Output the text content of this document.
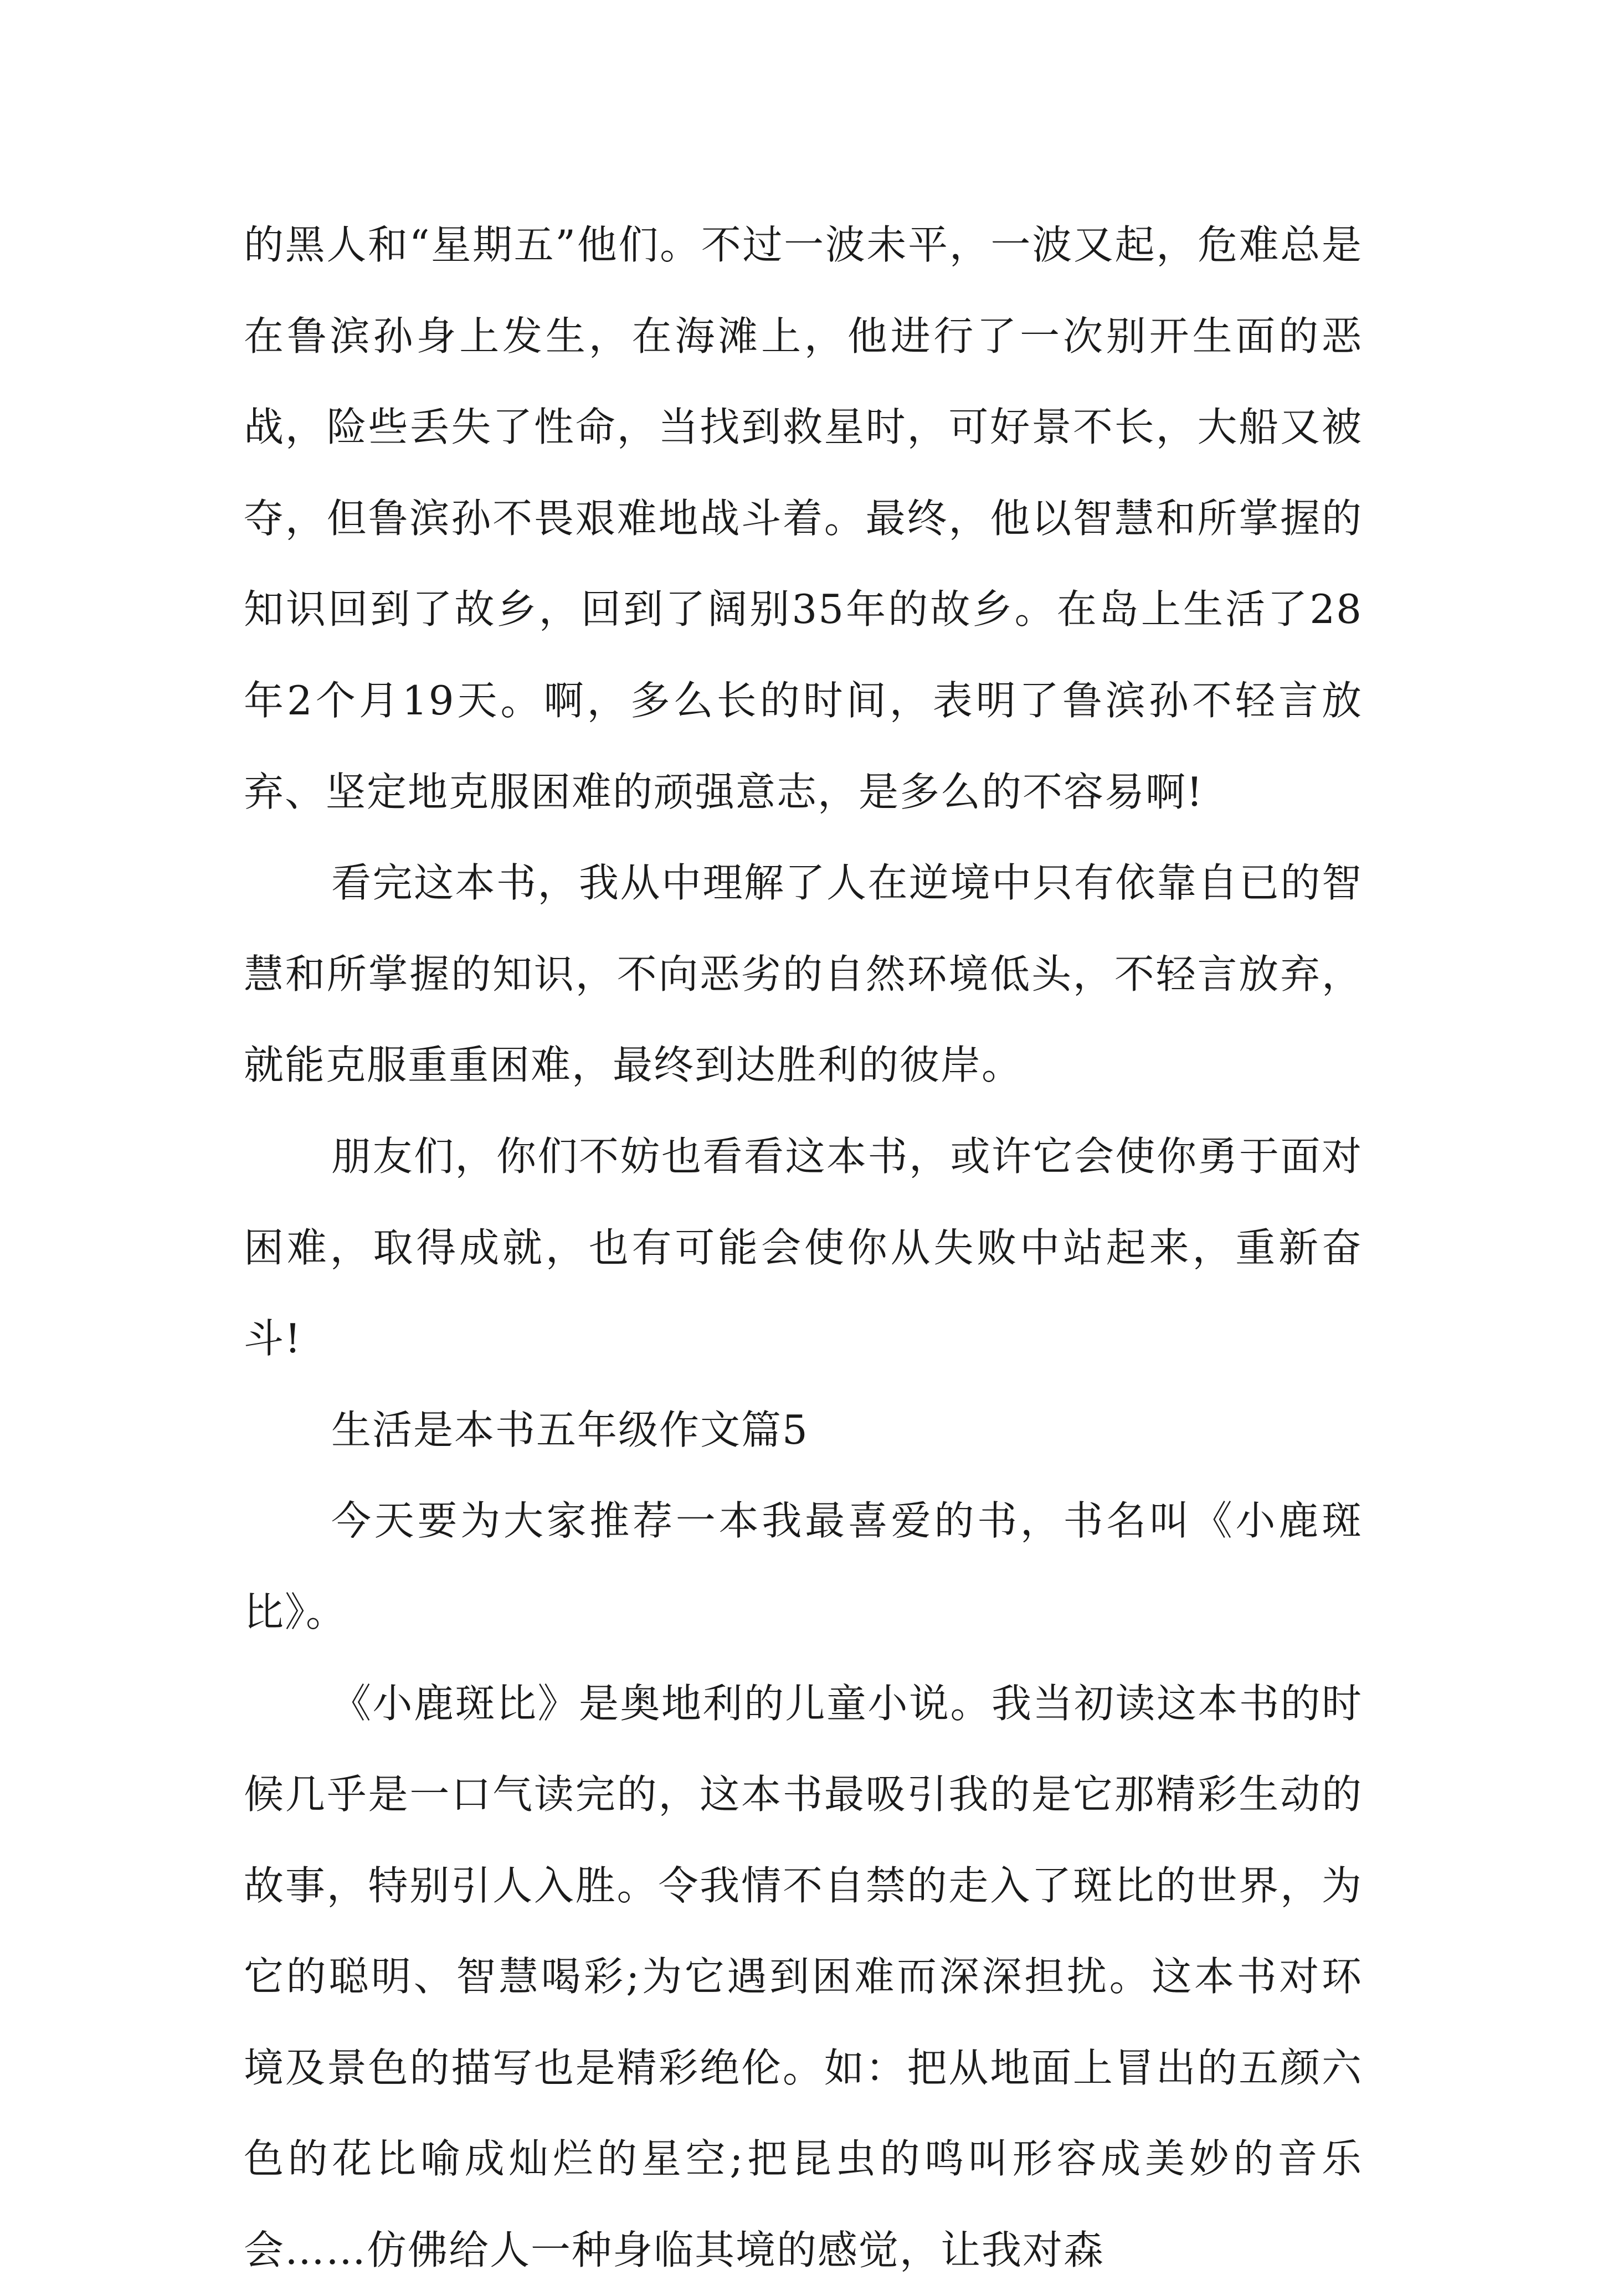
的黑人和“星期五”他们。不过一波未平，一波又起，危难总是在鲁滨孙身上发生，在海滩上，他进行了一次别开生面的恶战，险些丢失了性命，当找到救星时，可好景不长，大船又被夺，但鲁滨孙不畏艰难地战斗着。最终，他以智慧和所掌握的知识回到了故乡，回到了阔别35年的故乡。在岛上生活了28年2个月19天。啊，多么长的时间，表明了鲁滨孙不轻言放弃、坚定地克服困难的顽强意志，是多么的不容易啊!

看完这本书，我从中理解了人在逆境中只有依靠自已的智慧和所掌握的知识，不向恶劣的自然环境低头，不轻言放弃，就能克服重重困难，最终到达胜利的彼岸。

朋友们，你们不妨也看看这本书，或许它会使你勇于面对困难，取得成就，也有可能会使你从失败中站起来，重新奋斗!

生活是本书五年级作文篇5

今天要为大家推荐一本我最喜爱的书，书名叫《小鹿斑比》。

《小鹿斑比》是奥地利的儿童小说。我当初读这本书的时候几乎是一口气读完的，这本书最吸引我的是它那精彩生动的故事，特别引人入胜。令我情不自禁的走入了斑比的世界，为它的聪明、智慧喝彩;为它遇到困难而深深担扰。这本书对环境及景色的描写也是精彩绝伦。如：把从地面上冒出的五颜六色的花比喻成灿烂的星空;把昆虫的鸣叫形容成美妙的音乐会……仿佛给人一种身临其境的感觉，让我对森
